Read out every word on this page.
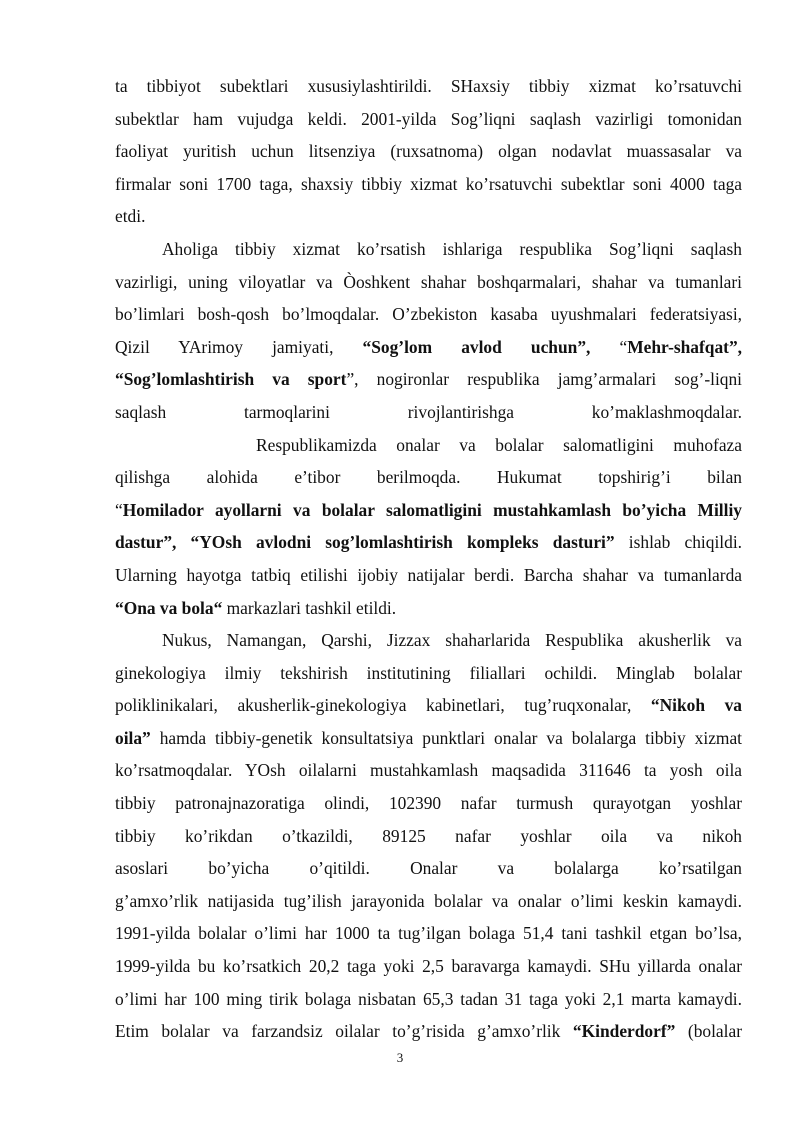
ta tibbiyot subektlari xususiylashtirildi. SHaxsiy tibbiy xizmat ko’rsatuvchi
subektlar ham vujudga keldi. 2001-yilda Sog’liqni saqlash vazirligi tomonidan
faoliyat yuritish uchun litsenziya (ruxsatnoma) olgan nodavlat muassasalar va
firmalar soni 1700 taga, shaxsiy tibbiy xizmat ko’rsatuvchi subektlar soni 4000 taga
etdi.
Aholiga tibbiy xizmat ko’rsatish ishlariga respublika Sog’liqni saqlash
vazirligi, uning viloyatlar va Òoshkent shahar boshqarmalari, shahar va tumanlari
bo’limlari bosh-qosh bo’lmoqdalar. O’zbekiston kasaba uyushmalari federatsiyasi,
Qizil YArimoy jamiyati, “Sog’lom avlod uchun”, “Mehr-shafqat”,
“Sog’lomlashtirish va sport”, nogironlar respublika jamg’armalari sog’-liqni
saqlash tarmoqlarini rivojlantirishga ko’maklashmoqdalar.
Respublikamizda onalar va bolalar salomatligini muhofaza
qilishga alohida e’tibor berilmoqda. Hukumat topshirig’i bilan
“Homilador ayollarni va bolalar salomatligini mustahkamlash bo’yicha Milliy
dastur”, “YOsh avlodni sog’lomlashtirish kompleks dasturi” ishlab chiqildi.
Ularning hayotga tatbiq etilishi ijobiy natijalar berdi. Barcha shahar va tumanlarda
“Ona va bola“ markazlari tashkil etildi.
Nukus, Namangan, Qarshi, Jizzax shaharlarida Respublika akusherlik va
ginekologiya ilmiy tekshirish institutining filiallari ochildi. Minglab bolalar
poliklinikalari, akusherlik-ginekologiya kabinetlari, tug’ruqxonalar, “Nikoh va
oila” hamda tibbiy-genetik konsultatsiya punktlari onalar va bolalarga tibbiy xizmat
ko’rsatmoqdalar. YOsh oilalarni mustahkamlash maqsadida 311646 ta yosh oila
tibbiy patronajnazoratiga olindi, 102390 nafar turmush qurayotgan yoshlar
tibbiy ko’rikdan o’tkazildi, 89125 nafar yoshlar oila va nikoh
asoslari bo’yicha o’qitildi. Onalar va bolalarga ko’rsatilgan
g’amxo’rlik natijasida tug’ilish jarayonida bolalar va onalar o’limi keskin kamaydi.
1991-yilda bolalar o’limi har 1000 ta tug’ilgan bolaga 51,4 tani tashkil etgan bo’lsa,
1999-yilda bu ko’rsatkich 20,2 taga yoki 2,5 baravarga kamaydi. SHu yillarda onalar
o’limi har 100 ming tirik bolaga nisbatan 65,3 tadan 31 taga yoki 2,1 marta kamaydi.
Etim bolalar va farzandsiz oilalar to’g’risida g’amxo’rlik “Kinderdorf” (bolalar
3
